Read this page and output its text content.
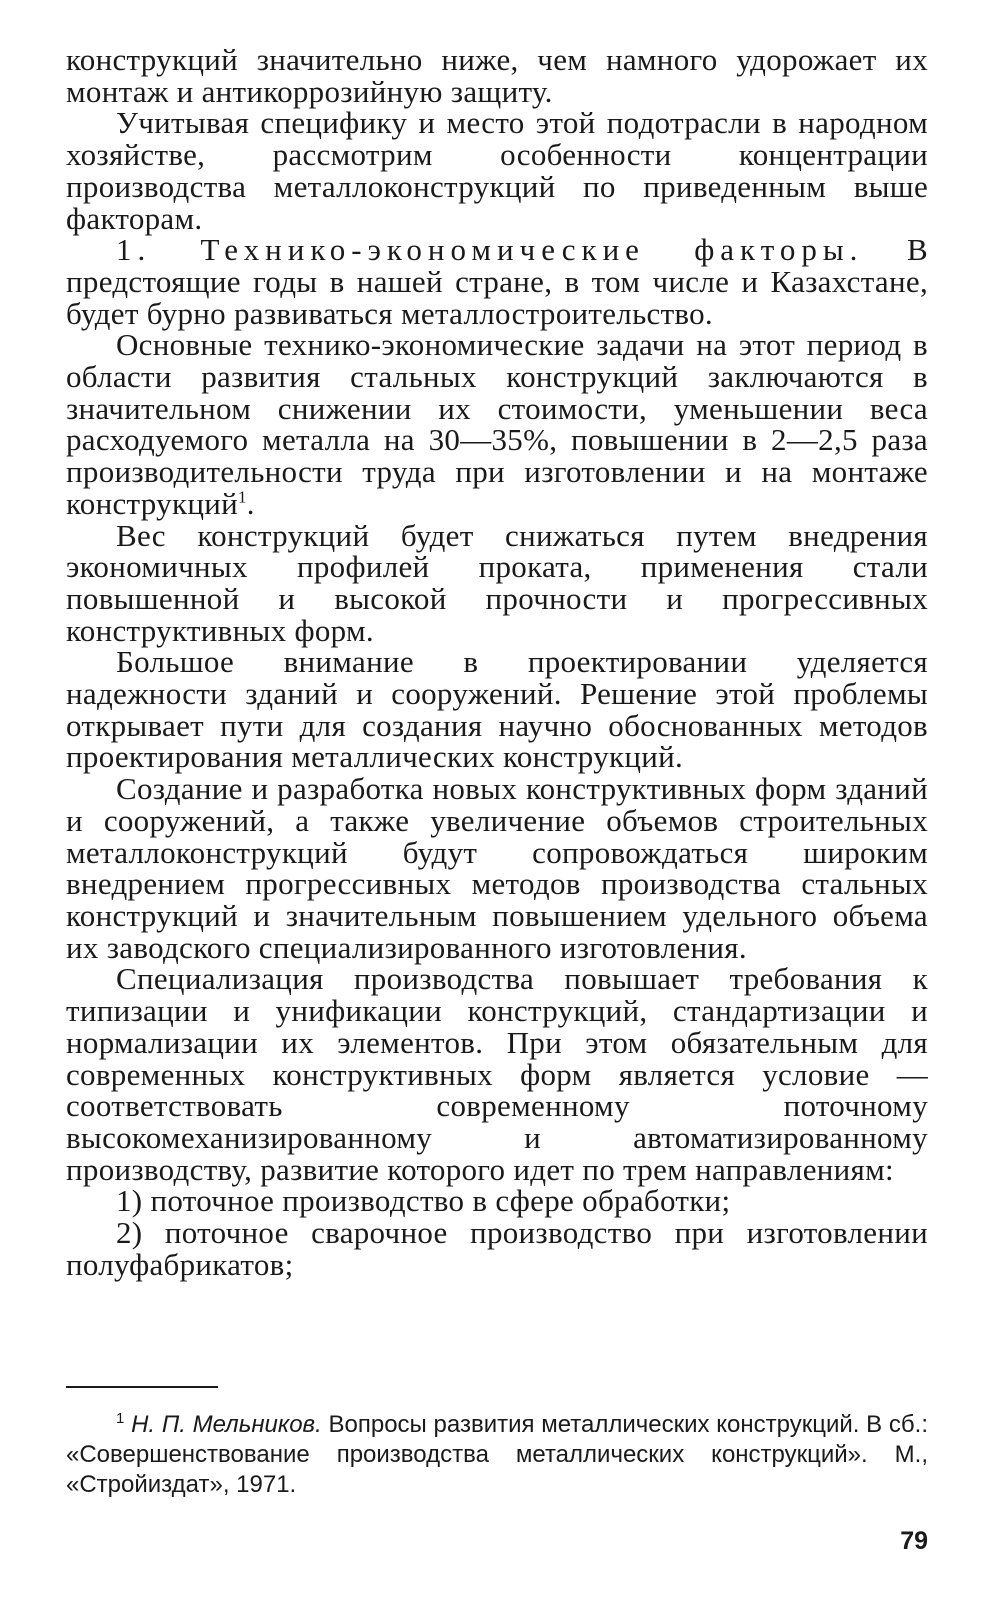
конструкций значительно ниже, чем намного удорожает их монтаж и антикоррозийную защиту.

Учитывая специфику и место этой подотрасли в народном хозяйстве, рассмотрим особенности концентрации производства металлоконструкций по приведенным выше факторам.

1. Технико-экономические факторы. В предстоящие годы в нашей стране, в том числе и Казахстане, будет бурно развиваться металлостроительство.

Основные технико-экономические задачи на этот период в области развития стальных конструкций заключаются в значительном снижении их стоимости, уменьшении веса расходуемого металла на 30—35%, повышении в 2—2,5 раза производительности труда при изготовлении и на монтаже конструкций$^1$.

Вес конструкций будет снижаться путем внедрения экономичных профилей проката, применения стали повышенной и высокой прочности и прогрессивных конструктивных форм.

Большое внимание в проектировании уделяется надежности зданий и сооружений. Решение этой проблемы открывает пути для создания научно обоснованных методов проектирования металлических конструкций.

Создание и разработка новых конструктивных форм зданий и сооружений, а также увеличение объемов строительных металлоконструкций будут сопровождаться широким внедрением прогрессивных методов производства стальных конструкций и значительным повышением удельного объема их заводского специализированного изготовления.

Специализация производства повышает требования к типизации и унификации конструкций, стандартизации и нормализации их элементов. При этом обязательным для современных конструктивных форм является условие — соответствовать современному поточному высокомеханизированному и автоматизированному производству, развитие которого идет по трем направлениям:

1) поточное производство в сфере обработки;

2) поточное сварочное производство при изготовлении полуфабрикатов;

$^1$ Н. П. Мельников. Вопросы развития металлических конструкций. В сб.: «Совершенствование производства металлических конструкций». М., «Стройиздат», 1971.

79
